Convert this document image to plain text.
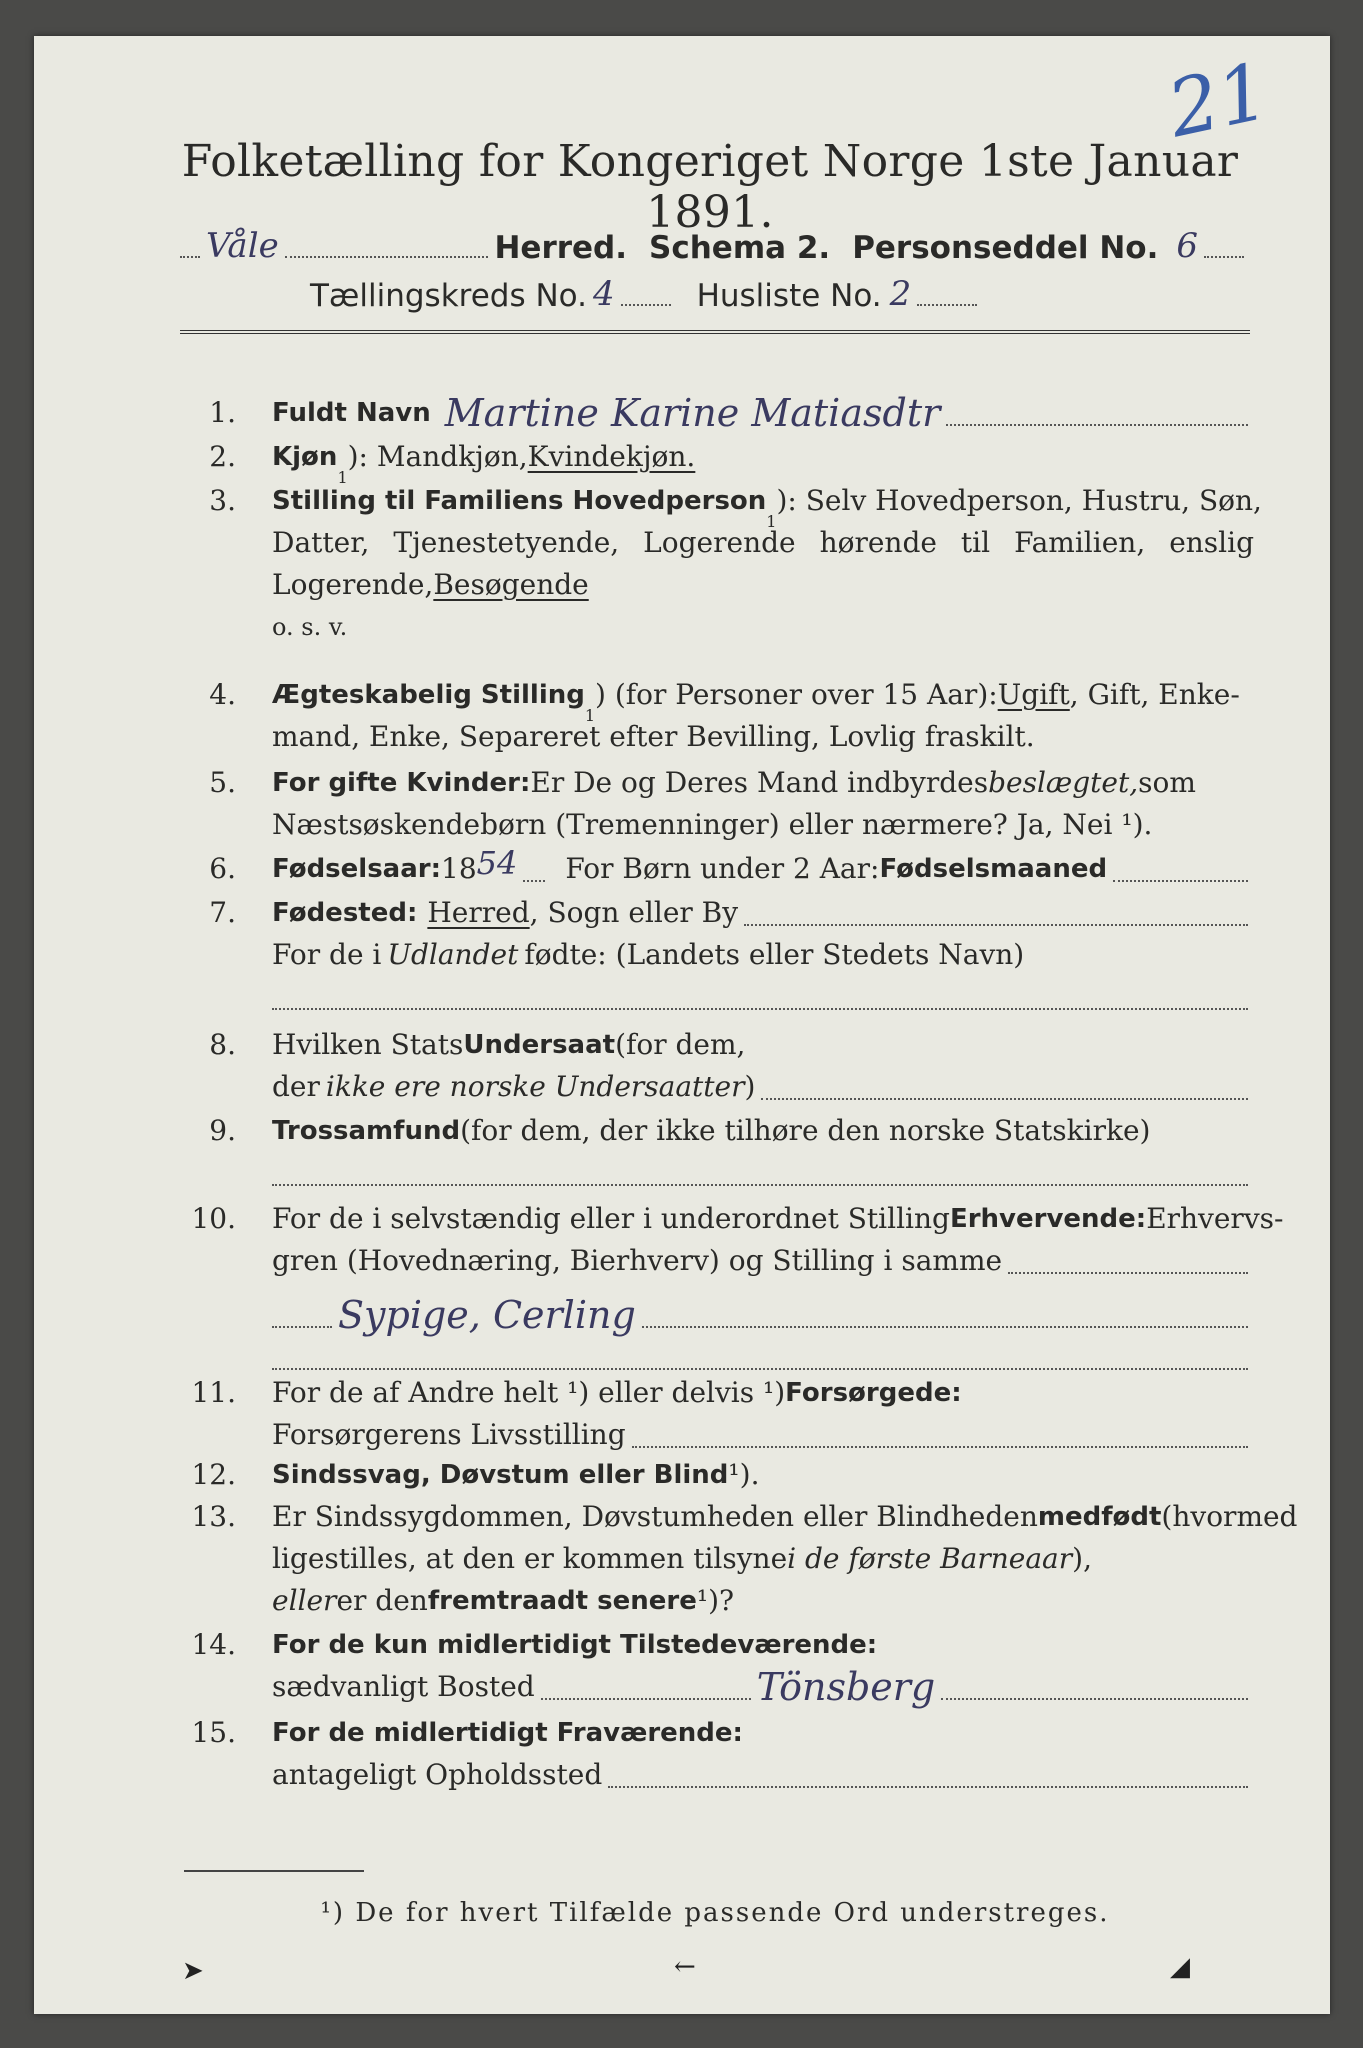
21
Folketælling for Kongeriget Norge 1ste Januar 1891.
Våle	Herred. Schema 2. Personseddel No. 6
Tællingskreds No. 4	Husliste No. 2
1. Fuldt Navn Martine Karine Matiasdtr
2. Kjøn
1
): Mandkjøn, Kvindekjøn.
3. Stilling til Familiens Hovedperson
1
): Selv Hovedperson, Hustru, Søn,
Datter, Tjenestetyende, Logerende hørende til Familien, enslig
Logerende, Besøgende
o. s. v.
4. Ægteskabelig Stilling
1
) (for Personer over 15 Aar): Ugift , Gift, Enke-
mand, Enke, Separeret efter Bevilling, Lovlig fraskilt.
5. For gifte Kvinder: Er De og Deres Mand indbyrdes beslægtet, som
Næstsøskendebørn (Tremenninger) eller nærmere? Ja, Nei ¹).
6. Fødselsaar: 18 54 For Børn under 2 Aar: Fødselsmaaned
7. Fødested: Herred , Sogn eller By
For de i Udlandet fødte: (Landets eller Stedets Navn)
8. Hvilken Stats Undersaat (for dem,
der ikke ere norske Undersaatter )
9. Trossamfund (for dem, der ikke tilhøre den norske Statskirke)
10. For de i selvstændig eller i underordnet Stilling Erhvervende: Erhvervs-
gren (Hovednæring, Bierhverv) og Stilling i samme
Sypige, Cerling
11. For de af Andre helt ¹) eller delvis ¹) Forsørgede:
Forsørgerens Livsstilling
12. Sindssvag, Døvstum eller Blind ¹).
13. Er Sindssygdommen, Døvstumheden eller Blindheden medfødt (hvormed
ligestilles, at den er kommen tilsyne i de første Barneaar ),
eller er den fremtraadt senere ¹)?
14. For de kun midlertidigt Tilstedeværende:
sædvanligt Bosted	Tönsberg
15. For de midlertidigt Fraværende:
antageligt Opholdssted
¹) De for hvert Tilfælde passende Ord understreges.
➤	←	◢
